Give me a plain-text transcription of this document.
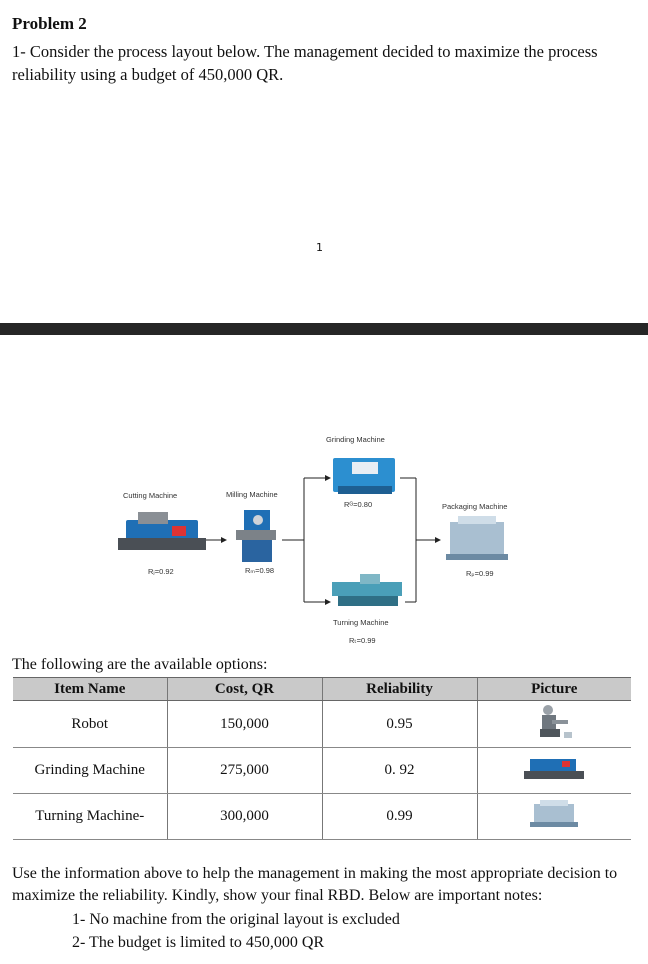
Problem 2
1- Consider the process layout below. The management decided to maximize the process reliability using a budget of 450,000 QR.
1
Cutting Machine
Rⱼ=0.92
Milling Machine
Rₘ=0.98
Grinding Machine
Rᴳ=0.80
Turning Machine
Rₜ=0.99
Packaging Machine
Rₚ=0.99
The following are the available options:
Item Name	Cost, QR	Reliability	Picture
Robot	150,000	0.95	
Grinding Machine	275,000	0. 92	
Turning Machine-	300,000	0.99	
Use the information above to help the management in making the most appropriate decision to maximize the reliability. Kindly, show your final RBD. Below are important notes:
1- No machine from the original layout is excluded
2- The budget is limited to 450,000 QR
